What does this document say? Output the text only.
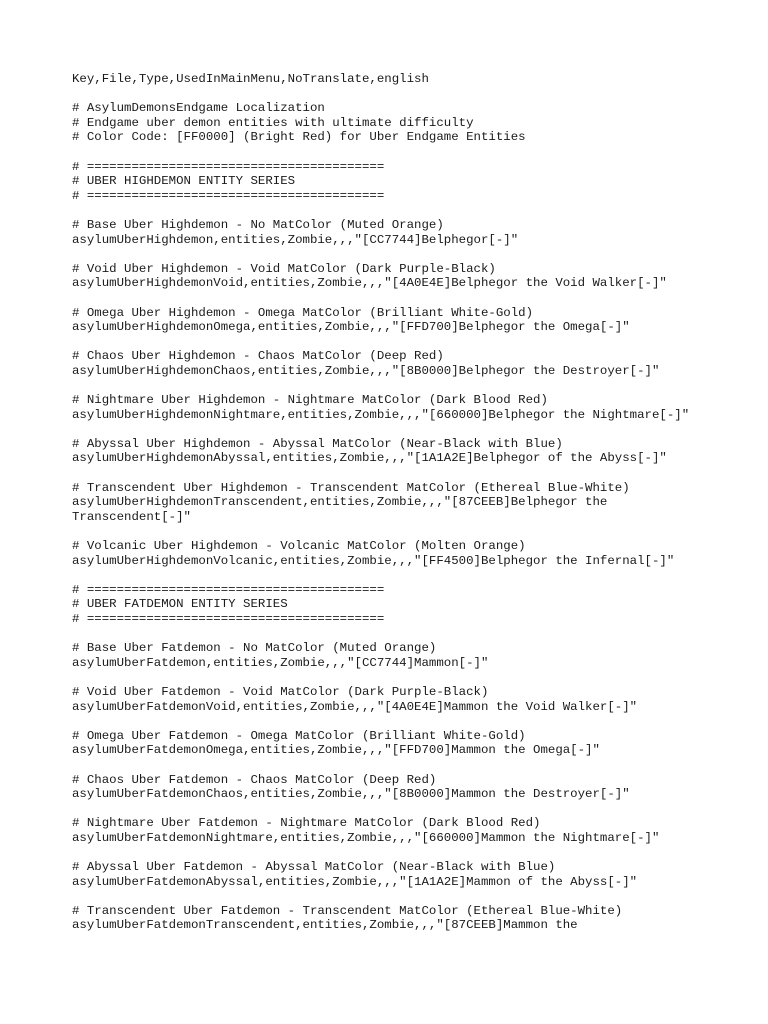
Key,File,Type,UsedInMainMenu,NoTranslate,english
# AsylumDemonsEndgame Localization
# Endgame uber demon entities with ultimate difficulty
# Color Code: [FF0000] (Bright Red) for Uber Endgame Entities
# ========================================
# UBER HIGHDEMON ENTITY SERIES
# ========================================
# Base Uber Highdemon - No MatColor (Muted Orange)
asylumUberHighdemon,entities,Zombie,,,"[CC7744]Belphegor[-]"
# Void Uber Highdemon - Void MatColor (Dark Purple-Black)
asylumUberHighdemonVoid,entities,Zombie,,,"[4A0E4E]Belphegor the Void Walker[-]"
# Omega Uber Highdemon - Omega MatColor (Brilliant White-Gold)
asylumUberHighdemonOmega,entities,Zombie,,,"[FFD700]Belphegor the Omega[-]"
# Chaos Uber Highdemon - Chaos MatColor (Deep Red)
asylumUberHighdemonChaos,entities,Zombie,,,"[8B0000]Belphegor the Destroyer[-]"
# Nightmare Uber Highdemon - Nightmare MatColor (Dark Blood Red)
asylumUberHighdemonNightmare,entities,Zombie,,,"[660000]Belphegor the Nightmare[-]"
# Abyssal Uber Highdemon - Abyssal MatColor (Near-Black with Blue)
asylumUberHighdemonAbyssal,entities,Zombie,,,"[1A1A2E]Belphegor of the Abyss[-]"
# Transcendent Uber Highdemon - Transcendent MatColor (Ethereal Blue-White)
asylumUberHighdemonTranscendent,entities,Zombie,,,"[87CEEB]Belphegor the
Transcendent[-]"
# Volcanic Uber Highdemon - Volcanic MatColor (Molten Orange)
asylumUberHighdemonVolcanic,entities,Zombie,,,"[FF4500]Belphegor the Infernal[-]"
# ========================================
# UBER FATDEMON ENTITY SERIES
# ========================================
# Base Uber Fatdemon - No MatColor (Muted Orange)
asylumUberFatdemon,entities,Zombie,,,"[CC7744]Mammon[-]"
# Void Uber Fatdemon - Void MatColor (Dark Purple-Black)
asylumUberFatdemonVoid,entities,Zombie,,,"[4A0E4E]Mammon the Void Walker[-]"
# Omega Uber Fatdemon - Omega MatColor (Brilliant White-Gold)
asylumUberFatdemonOmega,entities,Zombie,,,"[FFD700]Mammon the Omega[-]"
# Chaos Uber Fatdemon - Chaos MatColor (Deep Red)
asylumUberFatdemonChaos,entities,Zombie,,,"[8B0000]Mammon the Destroyer[-]"
# Nightmare Uber Fatdemon - Nightmare MatColor (Dark Blood Red)
asylumUberFatdemonNightmare,entities,Zombie,,,"[660000]Mammon the Nightmare[-]"
# Abyssal Uber Fatdemon - Abyssal MatColor (Near-Black with Blue)
asylumUberFatdemonAbyssal,entities,Zombie,,,"[1A1A2E]Mammon of the Abyss[-]"
# Transcendent Uber Fatdemon - Transcendent MatColor (Ethereal Blue-White)
asylumUberFatdemonTranscendent,entities,Zombie,,,"[87CEEB]Mammon the
